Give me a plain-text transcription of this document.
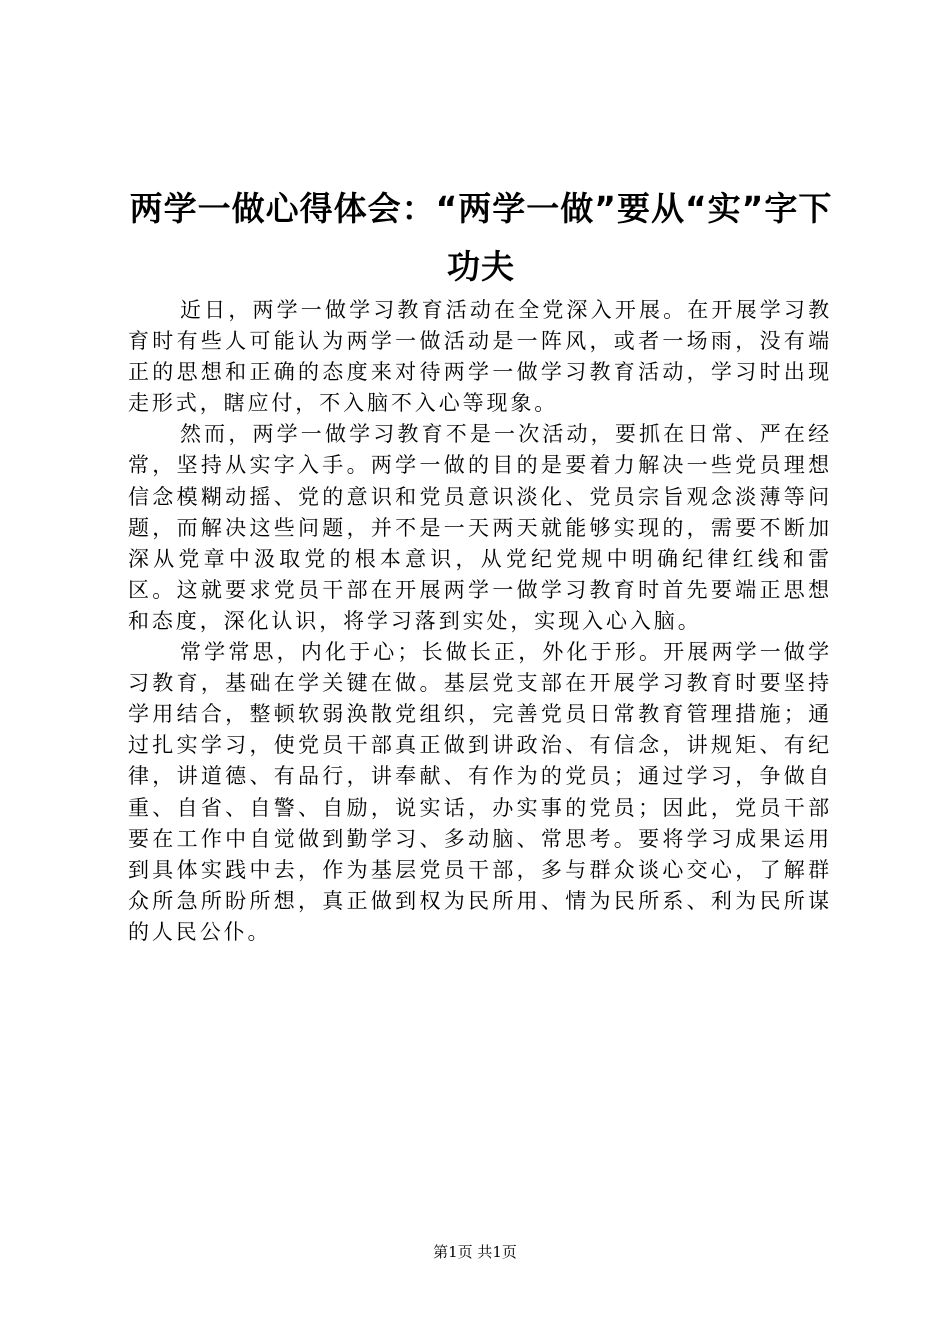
两学一做心得体会：“两学一做”要从“实”字下功夫

近日，两学一做学习教育活动在全党深入开展。在开展学习教育时有些人可能认为两学一做活动是一阵风，或者一场雨，没有端正的思想和正确的态度来对待两学一做学习教育活动，学习时出现走形式，瞎应付，不入脑不入心等现象。

然而，两学一做学习教育不是一次活动，要抓在日常、严在经常，坚持从实字入手。两学一做的目的是要着力解决一些党员理想信念模糊动摇、党的意识和党员意识淡化、党员宗旨观念淡薄等问题，而解决这些问题，并不是一天两天就能够实现的，需要不断加深从党章中汲取党的根本意识，从党纪党规中明确纪律红线和雷区。这就要求党员干部在开展两学一做学习教育时首先要端正思想和态度，深化认识，将学习落到实处，实现入心入脑。

常学常思，内化于心；长做长正，外化于形。开展两学一做学习教育，基础在学关键在做。基层党支部在开展学习教育时要坚持学用结合，整顿软弱涣散党组织，完善党员日常教育管理措施；通过扎实学习，使党员干部真正做到讲政治、有信念，讲规矩、有纪律，讲道德、有品行，讲奉献、有作为的党员；通过学习，争做自重、自省、自警、自励，说实话，办实事的党员；因此，党员干部要在工作中自觉做到勤学习、多动脑、常思考。要将学习成果运用到具体实践中去，作为基层党员干部，多与群众谈心交心，了解群众所急所盼所想，真正做到权为民所用、情为民所系、利为民所谋的人民公仆。

第1页 共1页
